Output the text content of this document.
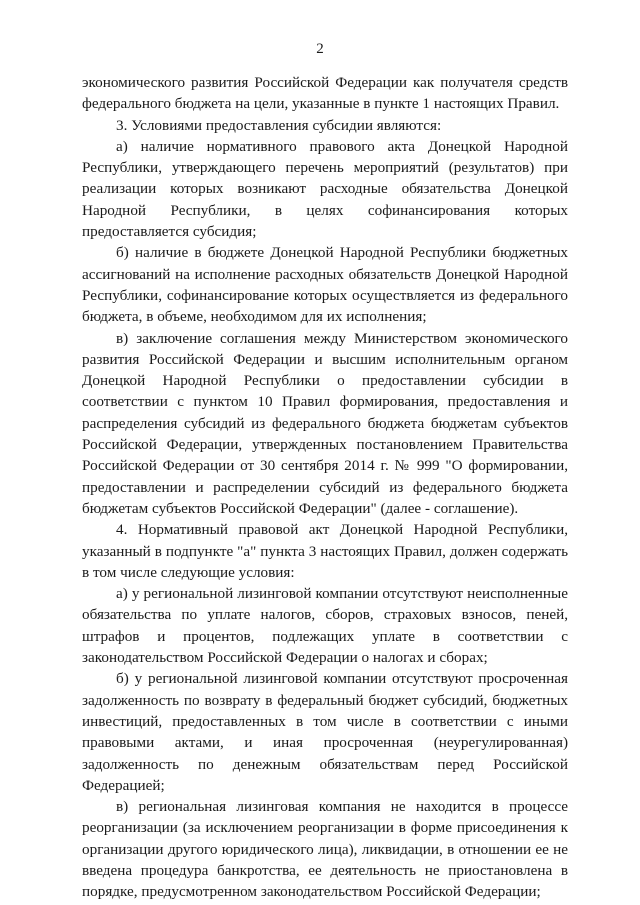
2

экономического развития Российской Федерации как получателя средств федерального бюджета на цели, указанные в пункте 1 настоящих Правил.

3. Условиями предоставления субсидии являются:

а) наличие нормативного правового акта Донецкой Народной Республики, утверждающего перечень мероприятий (результатов) при реализации которых возникают расходные обязательства Донецкой Народной Республики, в целях софинансирования которых предоставляется субсидия;

б) наличие в бюджете Донецкой Народной Республики бюджетных ассигнований на исполнение расходных обязательств Донецкой Народной Республики, софинансирование которых осуществляется из федерального бюджета, в объеме, необходимом для их исполнения;

в) заключение соглашения между Министерством экономического развития Российской Федерации и высшим исполнительным органом Донецкой Народной Республики о предоставлении субсидии в соответствии с пунктом 10 Правил формирования, предоставления и распределения субсидий из федерального бюджета бюджетам субъектов Российской Федерации, утвержденных постановлением Правительства Российской Федерации от 30 сентября 2014 г. № 999 "О формировании, предоставлении и распределении субсидий из федерального бюджета бюджетам субъектов Российской Федерации" (далее - соглашение).

4. Нормативный правовой акт Донецкой Народной Республики, указанный в подпункте "а" пункта 3 настоящих Правил, должен содержать в том числе следующие условия:

а) у региональной лизинговой компании отсутствуют неисполненные обязательства по уплате налогов, сборов, страховых взносов, пеней, штрафов и процентов, подлежащих уплате в соответствии с законодательством Российской Федерации о налогах и сборах;

б) у региональной лизинговой компании отсутствуют просроченная задолженность по возврату в федеральный бюджет субсидий, бюджетных инвестиций, предоставленных в том числе в соответствии с иными правовыми актами, и иная просроченная (неурегулированная) задолженность по денежным обязательствам перед Российской Федерацией;

в) региональная лизинговая компания не находится в процессе реорганизации (за исключением реорганизации в форме присоединения к организации другого юридического лица), ликвидации, в отношении ее не введена процедура банкротства, ее деятельность не приостановлена в порядке, предусмотренном законодательством Российской Федерации;
